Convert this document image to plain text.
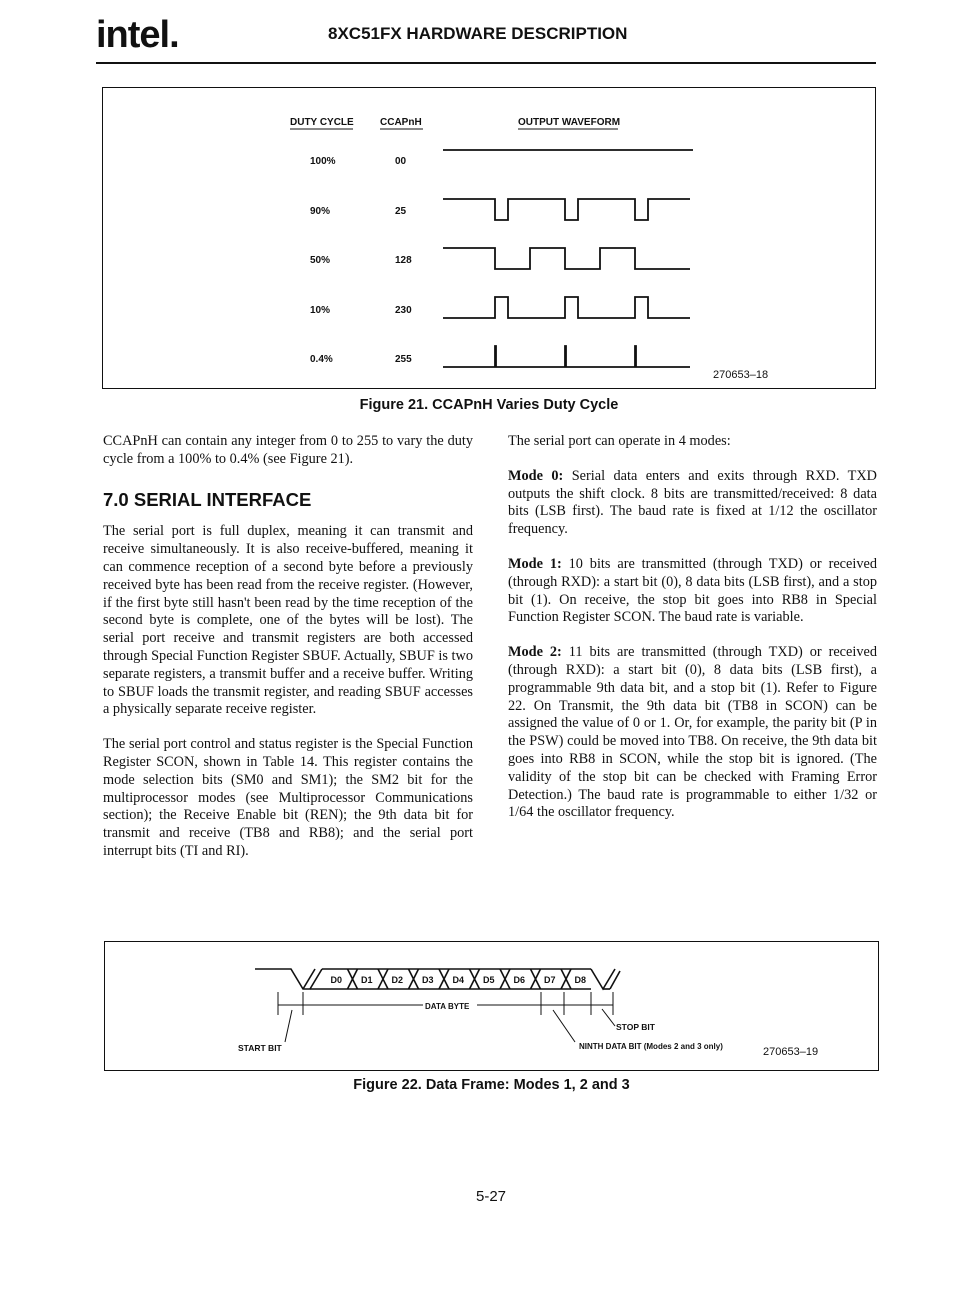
intel.	8XC51FX HARDWARE DESCRIPTION
DUTY CYCLE	CCAPnH	OUTPUT WAVEFORM
100%	00
90%	25
50%	128
10%	230
0.4%	255
270653–18
Figure 21. CCAPnH Varies Duty Cycle

CCAPnH can contain any integer from 0 to 255 to vary the duty cycle from a 100% to 0.4% (see Figure 21).

7.0 SERIAL INTERFACE

The serial port is full duplex, meaning it can transmit and receive simultaneously. It is also receive-buffered, meaning it can commence reception of a second byte before a previously received byte has been read from the receive register. (However, if the first byte still hasn't been read by the time reception of the second byte is complete, one of the bytes will be lost). The serial port receive and transmit registers are both accessed through Special Function Register SBUF. Actually, SBUF is two separate registers, a transmit buffer and a receive buffer. Writing to SBUF loads the transmit register, and reading SBUF accesses a physically separate receive register.

The serial port control and status register is the Special Function Register SCON, shown in Table 14. This register contains the mode selection bits (SM0 and SM1); the SM2 bit for the multiprocessor modes (see Multiprocessor Communications section); the Receive Enable bit (REN); the 9th data bit for transmit and receive (TB8 and RB8); and the serial port interrupt bits (TI and RI).

The serial port can operate in 4 modes:

Mode 0: Serial data enters and exits through RXD. TXD outputs the shift clock. 8 bits are transmitted/received: 8 data bits (LSB first). The baud rate is fixed at 1/12 the oscillator frequency.

Mode 1: 10 bits are transmitted (through TXD) or received (through RXD): a start bit (0), 8 data bits (LSB first), and a stop bit (1). On receive, the stop bit goes into RB8 in Special Function Register SCON. The baud rate is variable.

Mode 2: 11 bits are transmitted (through TXD) or received (through RXD): a start bit (0), 8 data bits (LSB first), a programmable 9th data bit, and a stop bit (1). Refer to Figure 22. On Transmit, the 9th data bit (TB8 in SCON) can be assigned the value of 0 or 1. Or, for example, the parity bit (P in the PSW) could be moved into TB8. On receive, the 9th data bit goes into RB8 in SCON, while the stop bit is ignored. (The validity of the stop bit can be checked with Framing Error Detection.) The baud rate is programmable to either 1/32 or 1/64 the oscillator frequency.

D0 D1 D2 D3 D4 D5 D6 D7 D8
DATA BYTE
START BIT
STOP BIT
NINTH DATA BIT (Modes 2 and 3 only)	270653–19
Figure 22. Data Frame: Modes 1, 2 and 3
5-27
